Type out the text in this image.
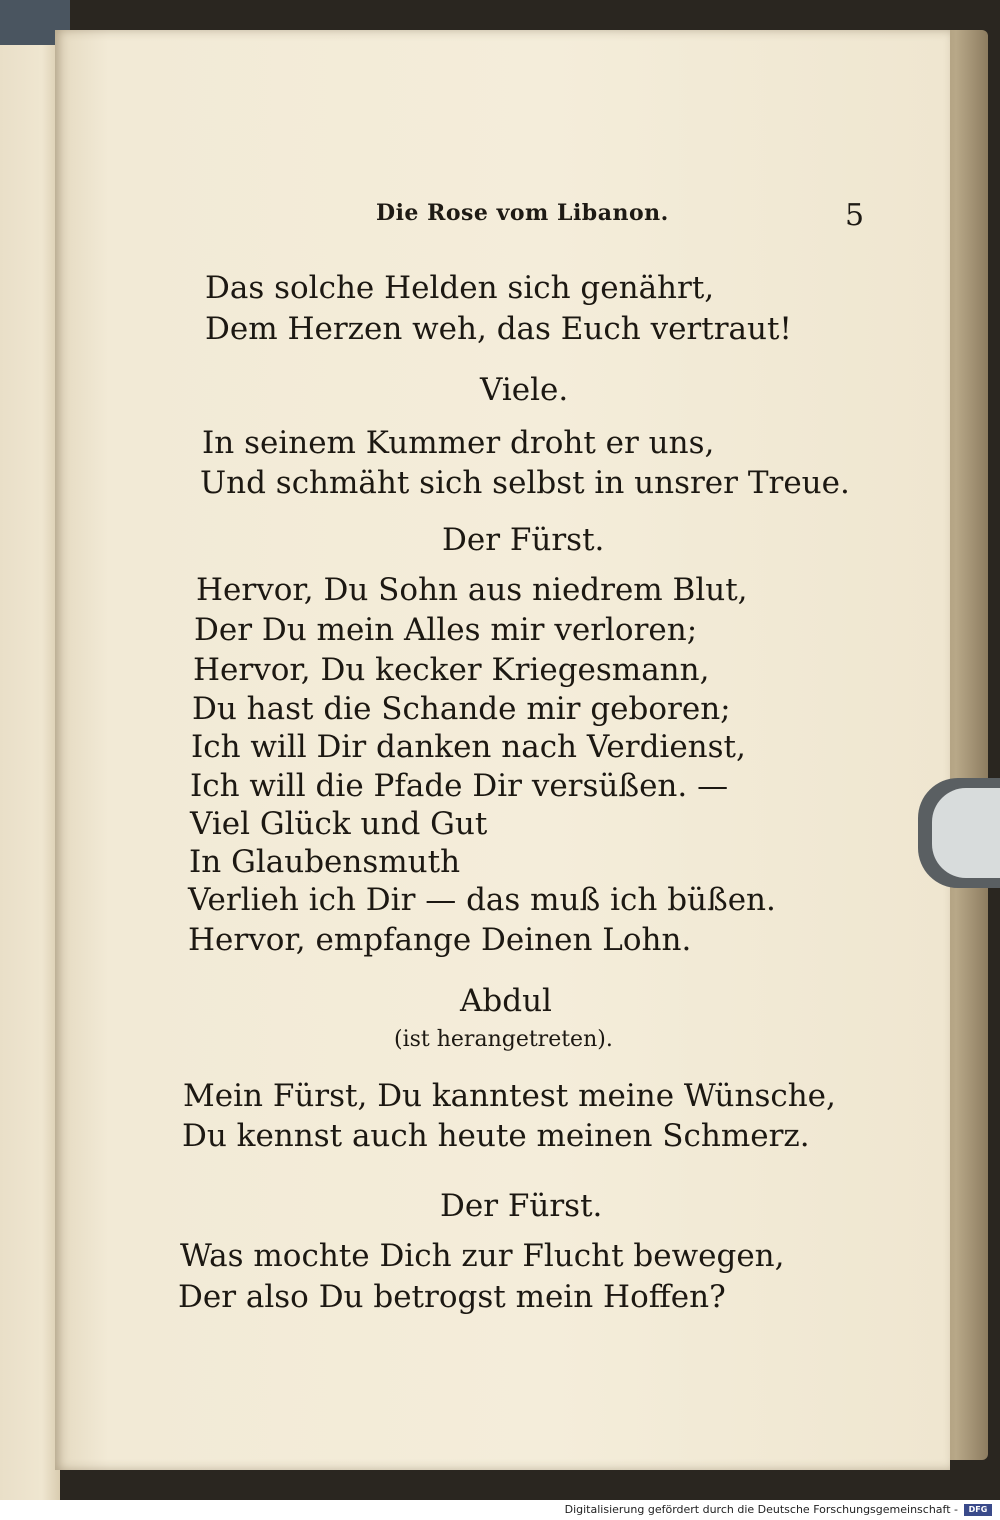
Die Rose vom Libanon.	5
Das solche Helden sich genährt,
Dem Herzen weh, das Euch vertraut!
Viele.
In seinem Kummer droht er uns,
Und schmäht sich selbst in unsrer Treue.
Der Fürst.
Hervor, Du Sohn aus niedrem Blut,
Der Du mein Alles mir verloren;
Hervor, Du kecker Kriegesmann,
Du hast die Schande mir geboren;
Ich will Dir danken nach Verdienst,
Ich will die Pfade Dir versüßen. —
Viel Glück und Gut
In Glaubensmuth
Verlieh ich Dir — das muß ich büßen.
Hervor, empfange Deinen Lohn.
Abdul
(ist herangetreten).
Mein Fürst, Du kanntest meine Wünsche,
Du kennst auch heute meinen Schmerz.
Der Fürst.
Was mochte Dich zur Flucht bewegen,
Der also Du betrogst mein Hoffen?
Digitalisierung gefördert durch die Deutsche Forschungsgemeinschaft -	DFG
